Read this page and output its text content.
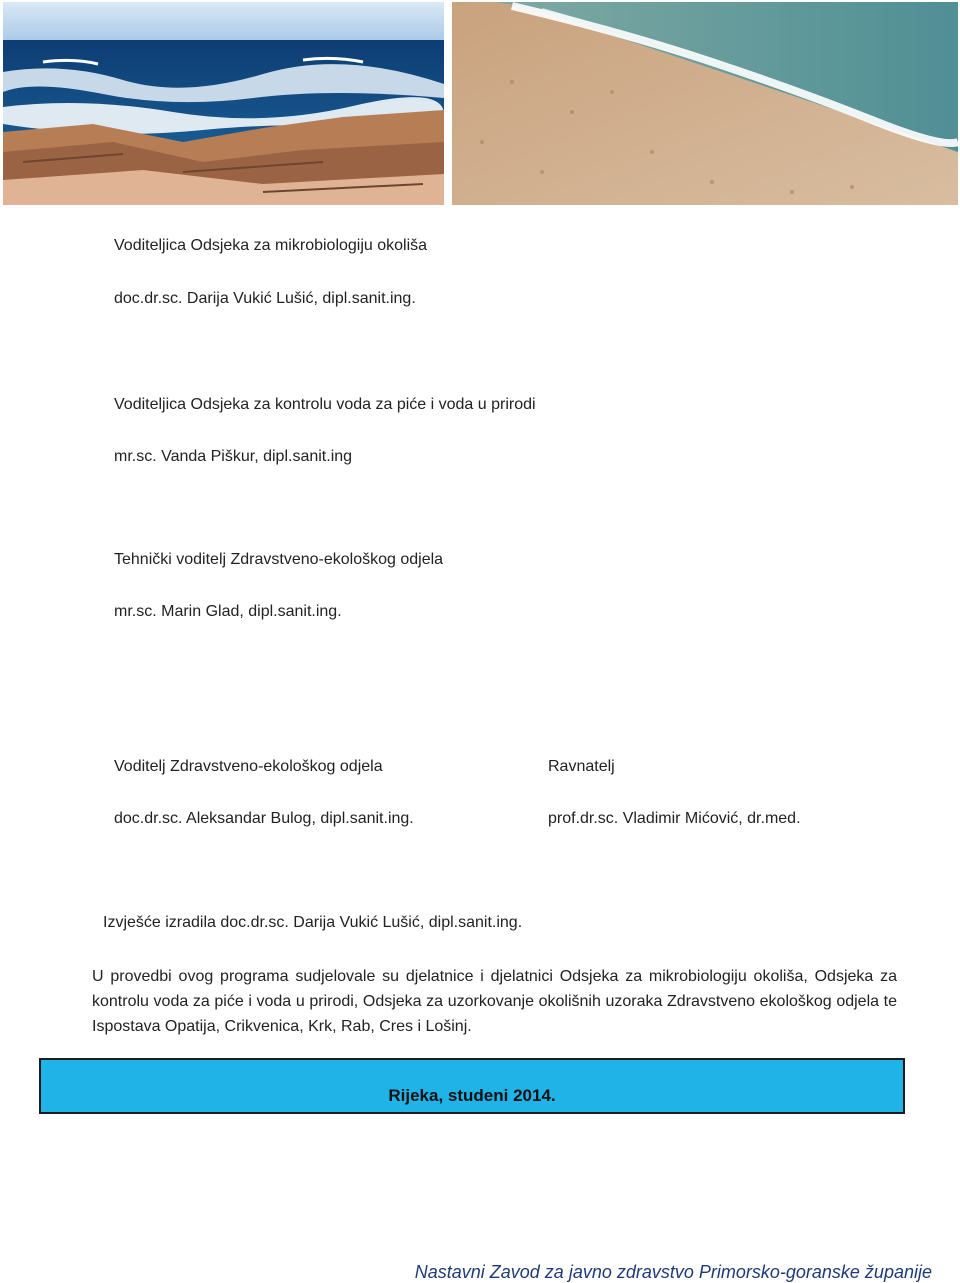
Voditeljica Odsjeka za mikrobiologiju okoliša
doc.dr.sc. Darija Vukić Lušić, dipl.sanit.ing.
Voditeljica Odsjeka za kontrolu voda za piće i voda u prirodi
mr.sc. Vanda Piškur, dipl.sanit.ing
Tehnički voditelj Zdravstveno-ekološkog odjela
mr.sc. Marin Glad, dipl.sanit.ing.
Voditelj Zdravstveno-ekološkog odjela
doc.dr.sc. Aleksandar Bulog, dipl.sanit.ing.
Ravnatelj
prof.dr.sc. Vladimir Mićović, dr.med.
Izvješće izradila doc.dr.sc. Darija Vukić Lušić, dipl.sanit.ing.
U provedbi ovog programa sudjelovale su djelatnice i djelatnici Odsjeka za mikrobiologiju okoliša, Odsjeka za kontrolu voda za piće i voda u prirodi, Odsjeka za uzorkovanje okolišnih uzoraka Zdravstveno ekološkog odjela te Ispostava Opatija, Crikvenica, Krk, Rab, Cres i Lošinj.
Rijeka, studeni 2014.
Nastavni Zavod za javno zdravstvo Primorsko-goranske županije
